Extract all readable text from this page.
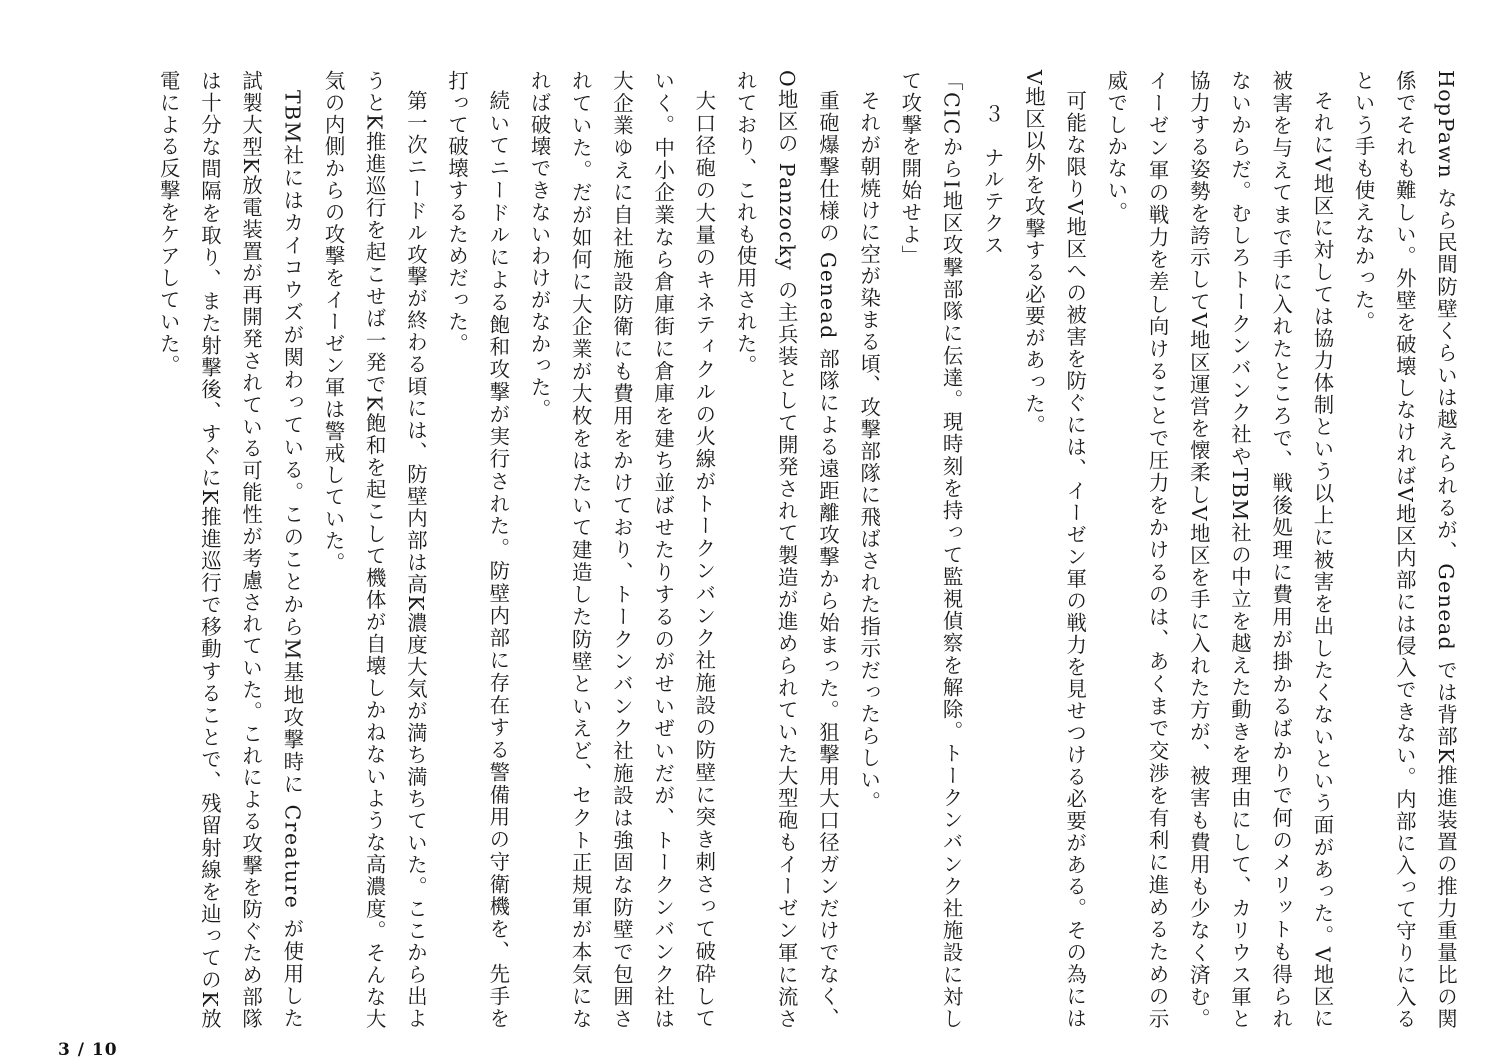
HopPawn なら民間防壁くらいは越えられるが、Genead では背部K推進装置の推力重量比の関係でそれも難しい。外壁を破壊しなければV地区内部には侵入できない。内部に入って守りに入るという手も使えなかった。

それにV地区に対しては協力体制という以上に被害を出したくないという面があった。V地区に被害を与えてまで手に入れたところで、戦後処理に費用が掛かるばかりで何のメリットも得られないからだ。むしろトークンバンク社やTBM社の中立を越えた動きを理由にして、カリウス軍と協力する姿勢を誇示してV地区運営を懐柔しV地区を手に入れた方が、被害も費用も少なく済む。イーゼン軍の戦力を差し向けることで圧力をかけるのは、あくまで交渉を有利に進めるための示威でしかない。

可能な限りV地区への被害を防ぐには、イーゼン軍の戦力を見せつける必要がある。その為にはV地区以外を攻撃する必要があった。

３　ナルテクス

「CICからI地区攻撃部隊に伝達。現時刻を持って監視偵察を解除。トークンバンク社施設に対して攻撃を開始せよ」

それが朝焼けに空が染まる頃、攻撃部隊に飛ばされた指示だったらしい。

重砲爆撃仕様の Genead 部隊による遠距離攻撃から始まった。狙撃用大口径ガンだけでなく、O地区の Panzocky の主兵装として開発されて製造が進められていた大型砲もイーゼン軍に流されており、これも使用された。

大口径砲の大量のキネティクルの火線がトークンバンク社施設の防壁に突き刺さって破砕していく。中小企業なら倉庫街に倉庫を建ち並ばせたりするのがせいぜいだが、トークンバンク社は大企業ゆえに自社施設防衛にも費用をかけており、トークンバンク社施設は強固な防壁で包囲されていた。だが如何に大企業が大枚をはたいて建造した防壁といえど、セクト正規軍が本気になれば破壊できないわけがなかった。

続いてニードルによる飽和攻撃が実行された。防壁内部に存在する警備用の守衛機を、先手を打って破壊するためだった。

第一次ニードル攻撃が終わる頃には、防壁内部は高K濃度大気が満ち満ちていた。ここから出ようとK推進巡行を起こせば一発でK飽和を起こして機体が自壊しかねないような高濃度。そんな大気の内側からの攻撃をイーゼン軍は警戒していた。

TBM社にはカイコウズが関わっている。このことからM基地攻撃時に Creature が使用した試製大型K放電装置が再開発されている可能性が考慮されていた。これによる攻撃を防ぐため部隊は十分な間隔を取り、また射撃後、すぐにK推進巡行で移動することで、残留射線を辿ってのK放電による反撃をケアしていた。

3 / 10
